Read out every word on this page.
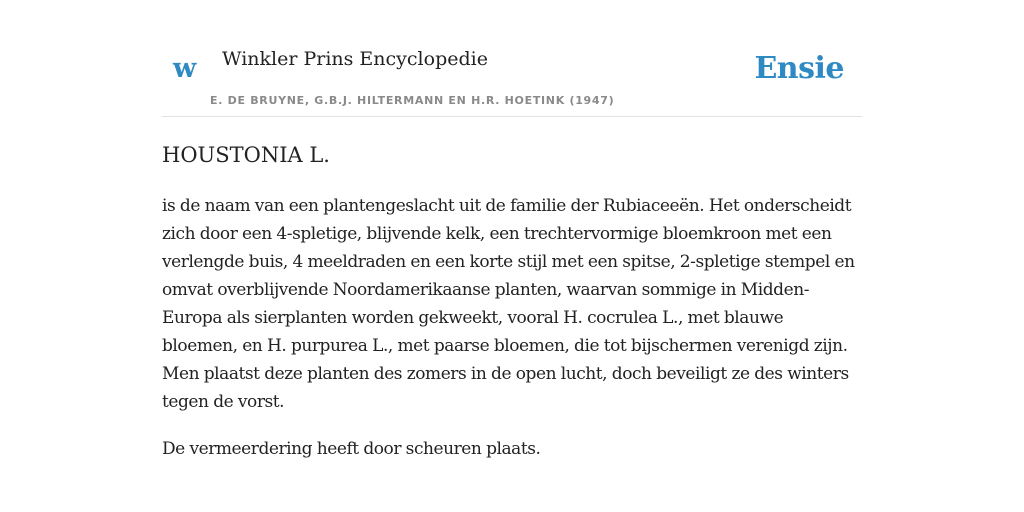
w Winkler Prins Encyclopedie
E. DE BRUYNE, G.B.J. HILTERMANN EN H.R. HOETINK (1947)
Ensie
HOUSTONIA L.

is de naam van een plantengeslacht uit de familie der Rubiaceeën. Het onderscheidt zich door een 4-spletige, blijvende kelk, een trechtervormige bloemkroon met een verlengde buis, 4 meeldraden en een korte stijl met een spitse, 2-spletige stempel en omvat overblijvende Noordamerikaanse planten, waarvan sommige in Midden-Europa als sierplanten worden gekweekt, vooral H. cocrulea L., met blauwe bloemen, en H. purpurea L., met paarse bloemen, die tot bijschermen verenigd zijn. Men plaatst deze planten des zomers in de open lucht, doch beveiligt ze des winters tegen de vorst.

De vermeerdering heeft door scheuren plaats.
